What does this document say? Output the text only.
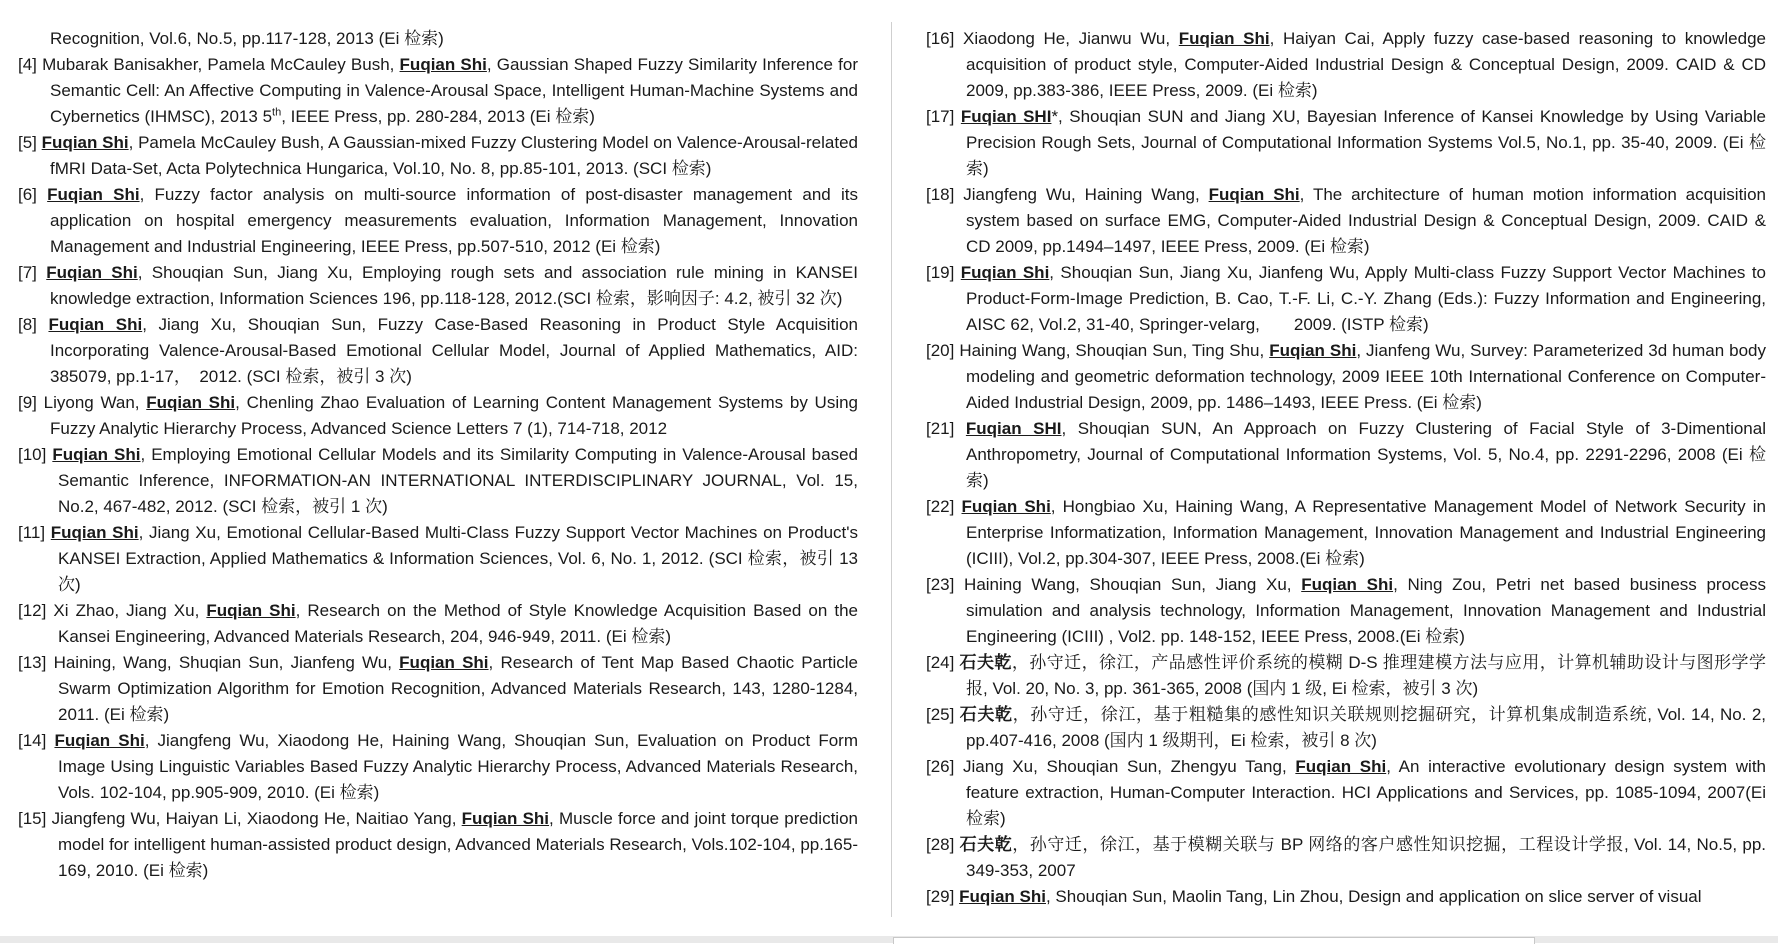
Recognition, Vol.6, No.5, pp.117-128, 2013 (Ei 检索)

[4] Mubarak Banisakher, Pamela McCauley Bush, Fuqian Shi, Gaussian Shaped Fuzzy Similarity Inference for Semantic Cell: An Affective Computing in Valence-Arousal Space, Intelligent Human-Machine Systems and Cybernetics (IHMSC), 2013 5th, IEEE Press, pp. 280-284, 2013 (Ei 检索)

[5] Fuqian Shi, Pamela McCauley Bush, A Gaussian-mixed Fuzzy Clustering Model on Valence-Arousal-related fMRI Data-Set, Acta Polytechnica Hungarica, Vol.10, No. 8, pp.85-101, 2013. (SCI 检索)

[6] Fuqian Shi, Fuzzy factor analysis on multi-source information of post-disaster management and its application on hospital emergency measurements evaluation, Information Management, Innovation Management and Industrial Engineering, IEEE Press, pp.507-510, 2012 (Ei 检索)

[7] Fuqian Shi, Shouqian Sun, Jiang Xu, Employing rough sets and association rule mining in KANSEI knowledge extraction, Information Sciences 196, pp.118-128, 2012.(SCI 检索，影响因子: 4.2, 被引 32 次)

[8] Fuqian Shi, Jiang Xu, Shouqian Sun, Fuzzy Case-Based Reasoning in Product Style Acquisition Incorporating Valence-Arousal-Based Emotional Cellular Model, Journal of Applied Mathematics, AID: 385079, pp.1-17，　2012. (SCI 检索，被引 3 次)

[9] Liyong Wan, Fuqian Shi, Chenling Zhao Evaluation of Learning Content Management Systems by Using Fuzzy Analytic Hierarchy Process, Advanced Science Letters 7 (1), 714-718, 2012

[10] Fuqian Shi, Employing Emotional Cellular Models and its Similarity Computing in Valence-Arousal based Semantic Inference, INFORMATION-AN INTERNATIONAL INTERDISCIPLINARY JOURNAL, Vol. 15, No.2, 467-482, 2012. (SCI 检索，被引 1 次)

[11] Fuqian Shi, Jiang Xu, Emotional Cellular-Based Multi-Class Fuzzy Support Vector Machines on Product's KANSEI Extraction, Applied Mathematics & Information Sciences, Vol. 6, No. 1, 2012. (SCI 检索，被引 13 次)

[12] Xi Zhao, Jiang Xu, Fuqian Shi, Research on the Method of Style Knowledge Acquisition Based on the Kansei Engineering, Advanced Materials Research, 204, 946-949, 2011. (Ei 检索)

[13] Haining, Wang, Shuqian Sun, Jianfeng Wu, Fuqian Shi, Research of Tent Map Based Chaotic Particle Swarm Optimization Algorithm for Emotion Recognition, Advanced Materials Research, 143, 1280-1284, 2011. (Ei 检索)

[14] Fuqian Shi, Jiangfeng Wu, Xiaodong He, Haining Wang, Shouqian Sun, Evaluation on Product Form Image Using Linguistic Variables Based Fuzzy Analytic Hierarchy Process, Advanced Materials Research, Vols. 102-104, pp.905-909, 2010. (Ei 检索)

[15] Jiangfeng Wu, Haiyan Li, Xiaodong He, Naitiao Yang, Fuqian Shi, Muscle force and joint torque prediction model for intelligent human-assisted product design, Advanced Materials Research, Vols.102-104, pp.165-169, 2010. (Ei 检索)

[16] Xiaodong He, Jianwu Wu, Fuqian Shi, Haiyan Cai, Apply fuzzy case-based reasoning to knowledge acquisition of product style, Computer-Aided Industrial Design & Conceptual Design, 2009. CAID & CD 2009, pp.383-386, IEEE Press, 2009. (Ei 检索)

[17] Fuqian SHI*, Shouqian SUN and Jiang XU, Bayesian Inference of Kansei Knowledge by Using Variable Precision Rough Sets, Journal of Computational Information Systems Vol.5, No.1, pp. 35-40, 2009. (Ei 检索)

[18] Jiangfeng Wu, Haining Wang, Fuqian Shi, The architecture of human motion information acquisition system based on surface EMG, Computer-Aided Industrial Design & Conceptual Design, 2009. CAID & CD 2009, pp.1494–1497, IEEE Press, 2009. (Ei 检索)

[19] Fuqian Shi, Shouqian Sun, Jiang Xu, Jianfeng Wu, Apply Multi-class Fuzzy Support Vector Machines to Product-Form-Image Prediction, B. Cao, T.-F. Li, C.-Y. Zhang (Eds.): Fuzzy Information and Engineering, AISC 62, Vol.2, 31-40, Springer-velarg,　　2009. (ISTP 检索)

[20] Haining Wang, Shouqian Sun, Ting Shu, Fuqian Shi, Jianfeng Wu, Survey: Parameterized 3d human body modeling and geometric deformation technology, 2009 IEEE 10th International Conference on Computer-Aided Industrial Design, 2009, pp. 1486–1493, IEEE Press. (Ei 检索)

[21] Fuqian SHI, Shouqian SUN, An Approach on Fuzzy Clustering of Facial Style of 3-Dimentional Anthropometry, Journal of Computational Information Systems, Vol. 5, No.4, pp. 2291-2296, 2008 (Ei 检索)

[22] Fuqian Shi, Hongbiao Xu, Haining Wang, A Representative Management Model of Network Security in Enterprise Informatization, Information Management, Innovation Management and Industrial Engineering (ICIII), Vol.2, pp.304-307, IEEE Press, 2008.(Ei 检索)

[23] Haining Wang, Shouqian Sun, Jiang Xu, Fuqian Shi, Ning Zou, Petri net based business process simulation and analysis technology, Information Management, Innovation Management and Industrial Engineering (ICIII) , Vol2. pp. 148-152, IEEE Press, 2008.(Ei 检索)

[24] 石夫乾，孙守迁，徐江，产品感性评价系统的模糊 D-S 推理建模方法与应用，计算机辅助设计与图形学学报, Vol. 20, No. 3, pp. 361-365, 2008 (国内 1 级, Ei 检索，被引 3 次)

[25] 石夫乾，孙守迁，徐江，基于粗糙集的感性知识关联规则挖掘研究，计算机集成制造系统, Vol. 14, No. 2, pp.407-416, 2008 (国内 1 级期刊，Ei 检索，被引 8 次)

[26] Jiang Xu, Shouqian Sun, Zhengyu Tang, Fuqian Shi, An interactive evolutionary design system with feature extraction, Human-Computer Interaction. HCI Applications and Services, pp. 1085-1094, 2007(Ei 检索)

[28] 石夫乾，孙守迁，徐江，基于模糊关联与 BP 网络的客户感性知识挖掘，工程设计学报, Vol. 14, No.5, pp. 349-353, 2007

[29] Fuqian Shi, Shouqian Sun, Maolin Tang, Lin Zhou, Design and application on slice server of visual
